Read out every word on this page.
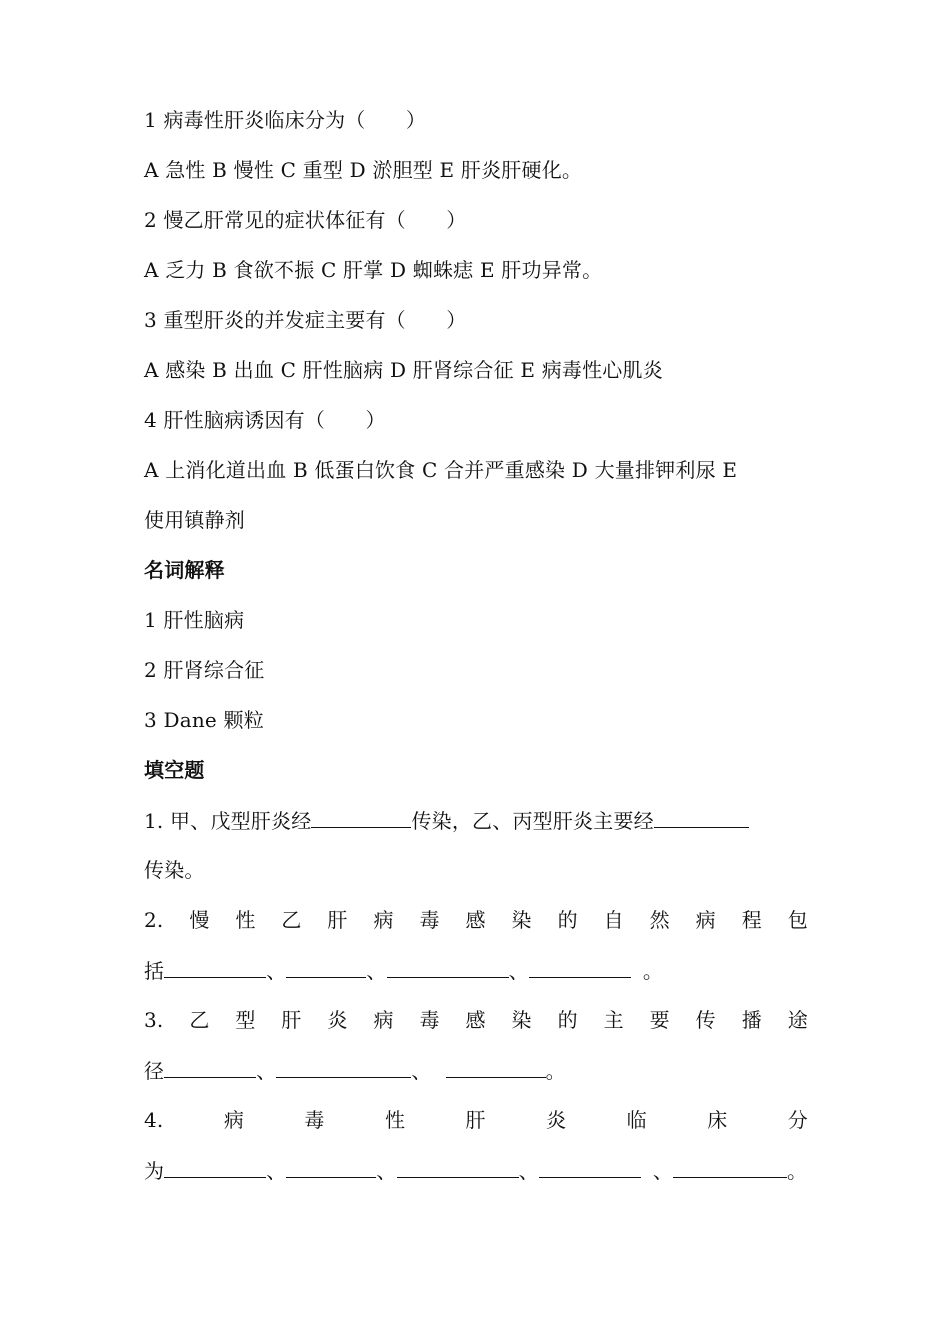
1 病毒性肝炎临床分为（　　）
A 急性 B 慢性 C 重型 D 淤胆型 E 肝炎肝硬化。
2 慢乙肝常见的症状体征有（　　）
A 乏力 B 食欲不振 C 肝掌 D 蜘蛛痣 E 肝功异常。
3 重型肝炎的并发症主要有（　　）
A 感染 B 出血 C 肝性脑病 D 肝肾综合征 E 病毒性心肌炎
4 肝性脑病诱因有（　　）
A 上消化道出血 B 低蛋白饮食 C 合并严重感染 D 大量排钾利尿 E
使用镇静剂
名词解释
1 肝性脑病
2 肝肾综合征
3 Dane 颗粒
填空题
1. 甲、戊型肝炎经	传染，乙、丙型肝炎主要经
传染。
2. 慢 性 乙 肝 病 毒 感 染 的 自 然 病 程 包
括	、	、	、	。
3. 乙 型 肝 炎 病 毒 感 染 的 主 要 传 播 途
径	、	、	。
4.	病	毒	性	肝	炎	临	床	分
为	、	、	、	、	。
